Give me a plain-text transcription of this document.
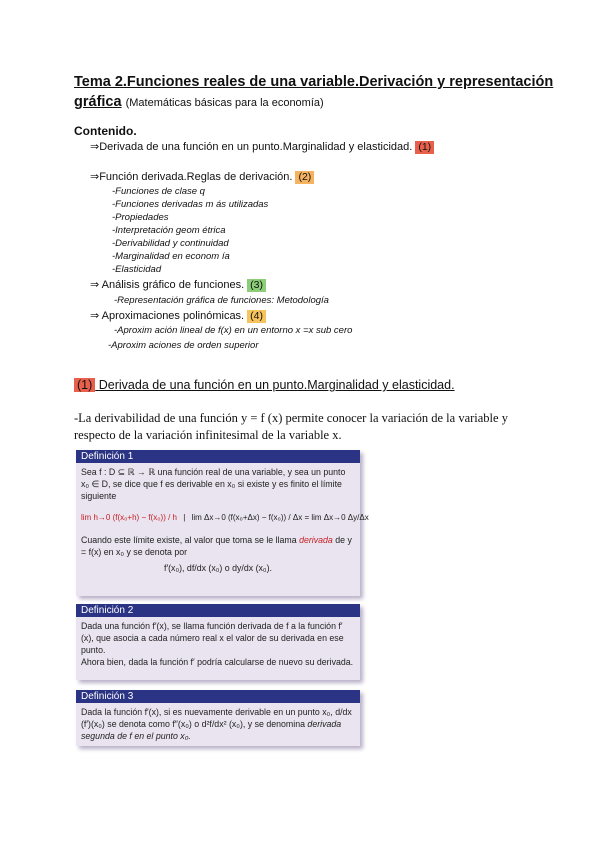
Tema 2.Funciones reales de una variable.Derivación y representación gráfica (Matemáticas básicas para la economía)
Contenido.
⇒Derivada de una función en un punto.Marginalidad y elasticidad. (1)
⇒Función derivada.Reglas de derivación. (2)
-Funciones de clase q
-Funciones derivadas m ás utilizadas
-Propiedades
-Interpretación geom étrica
-Derivabilidad y continuidad
-Marginalidad en econom ía
-Elasticidad
⇒ Análisis gráfico de funciones. (3)
-Representación gráfica de funciones: Metodología
⇒ Aproximaciones polinómicas. (4)
-Aproxim ación lineal de f(x) en un entorno x =x sub cero
-Aproxim aciones de orden superior
(1) Derivada de una función en un punto.Marginalidad y elasticidad.
-La derivabilidad de una función y = f (x) permite conocer la variación de la variable y respecto de la variación infinitesimal de la variable x.
Definición 1
Sea f : D ⊆ ℝ → ℝ una función real de una variable, y sea un punto x₀ ∈ D, se dice que f es derivable en x₀ si existe y es finito el límite siguiente
lim h→0 (f(x₀+h) − f(x₀)) / h | lim Δx→0 (f(x₀+Δx) − f(x₀)) / Δx = lim Δx→0 Δy/Δx
Cuando este límite existe, al valor que toma se le llama derivada de y = f(x) en x₀ y se denota por
f′(x₀), df/dx (x₀) o dy/dx (x₀).
Definición 2
Dada una función f′(x), se llama función derivada de f a la función f′(x), que asocia a cada número real x el valor de su derivada en ese punto.
Ahora bien, dada la función f′ podría calcularse de nuevo su derivada.
Definición 3
Dada la función f′(x), si es nuevamente derivable en un punto x₀, d/dx (f′)(x₀) se denota como f″(x₀) o d²f/dx² (x₀), y se denomina derivada segunda de f en el punto x₀.
